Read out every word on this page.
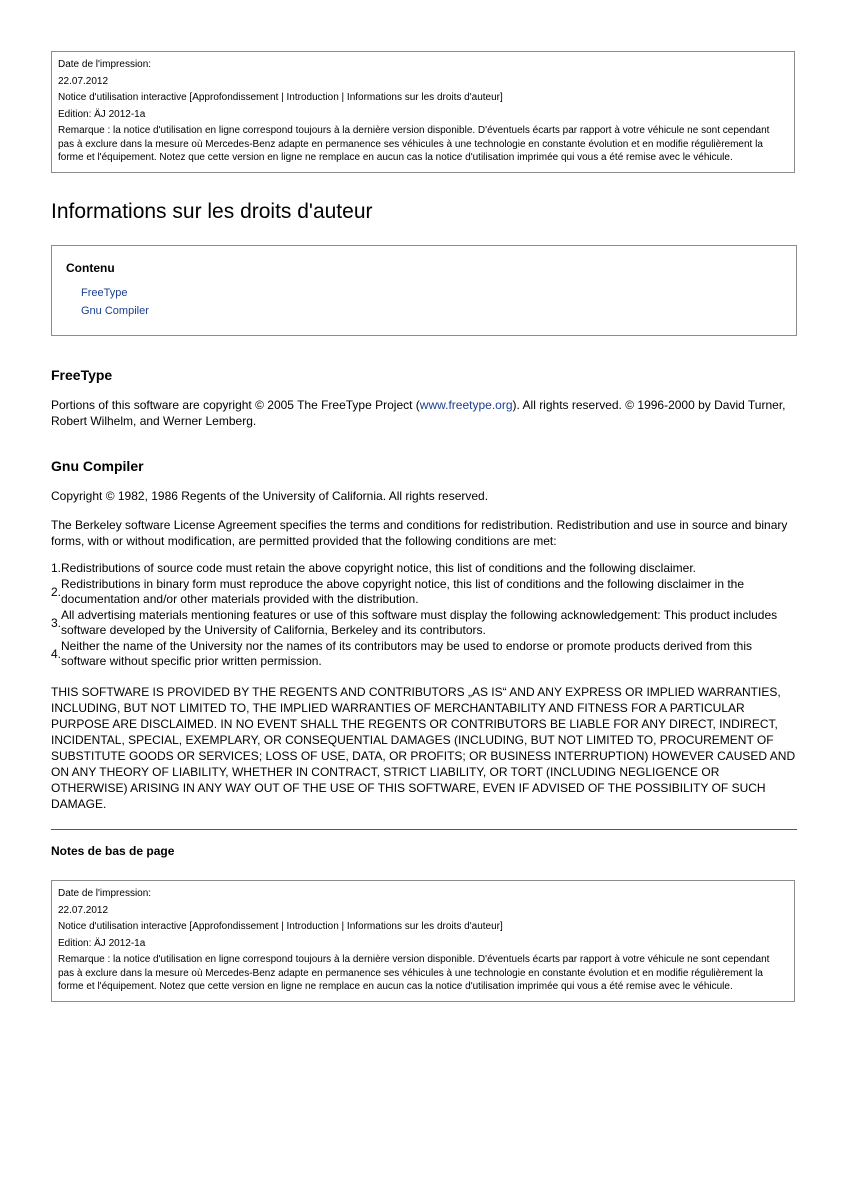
Date de l'impression:
22.07.2012
Notice d'utilisation interactive [Approfondissement | Introduction | Informations sur les droits d'auteur]
Edition: ÄJ 2012-1a
Remarque : la notice d'utilisation en ligne correspond toujours à la dernière version disponible. D'éventuels écarts par rapport à votre véhicule ne sont cependant pas à exclure dans la mesure où Mercedes-Benz adapte en permanence ses véhicules à une technologie en constante évolution et en modifie régulièrement la forme et l'équipement. Notez que cette version en ligne ne remplace en aucun cas la notice d'utilisation imprimée qui vous a été remise avec le véhicule.
Informations sur les droits d'auteur
Contenu
FreeType
Gnu Compiler
FreeType

Portions of this software are copyright © 2005 The FreeType Project (www.freetype.org). All rights reserved. © 1996-2000 by David Turner, Robert Wilhelm, and Werner Lemberg.

Gnu Compiler

Copyright © 1982, 1986 Regents of the University of California. All rights reserved.

The Berkeley software License Agreement specifies the terms and conditions for redistribution. Redistribution and use in source and binary forms, with or without modification, are permitted provided that the following conditions are met:

1.Redistributions of source code must retain the above copyright notice, this list of conditions and the following disclaimer.
2.
Redistributions in binary form must reproduce the above copyright notice, this list of conditions and the following disclaimer in the documentation and/or other materials provided with the distribution.
3.
All advertising materials mentioning features or use of this software must display the following acknowledgement: This product includes software developed by the University of California, Berkeley and its contributors.
4.
Neither the name of the University nor the names of its contributors may be used to endorse or promote products derived from this software without specific prior written permission.

THIS SOFTWARE IS PROVIDED BY THE REGENTS AND CONTRIBUTORS „AS IS“ AND ANY EXPRESS OR IMPLIED WARRANTIES, INCLUDING, BUT NOT LIMITED TO, THE IMPLIED WARRANTIES OF MERCHANTABILITY AND FITNESS FOR A PARTICULAR PURPOSE ARE DISCLAIMED. IN NO EVENT SHALL THE REGENTS OR CONTRIBUTORS BE LIABLE FOR ANY DIRECT, INDIRECT, INCIDENTAL, SPECIAL, EXEMPLARY, OR CONSEQUENTIAL DAMAGES (INCLUDING, BUT NOT LIMITED TO, PROCUREMENT OF SUBSTITUTE GOODS OR SERVICES; LOSS OF USE, DATA, OR PROFITS; OR BUSINESS INTERRUPTION) HOWEVER CAUSED AND ON ANY THEORY OF LIABILITY, WHETHER IN CONTRACT, STRICT LIABILITY, OR TORT (INCLUDING NEGLIGENCE OR OTHERWISE) ARISING IN ANY WAY OUT OF THE USE OF THIS SOFTWARE, EVEN IF ADVISED OF THE POSSIBILITY OF SUCH DAMAGE.

Notes de bas de page
Date de l'impression:
22.07.2012
Notice d'utilisation interactive [Approfondissement | Introduction | Informations sur les droits d'auteur]
Edition: ÄJ 2012-1a
Remarque : la notice d'utilisation en ligne correspond toujours à la dernière version disponible. D'éventuels écarts par rapport à votre véhicule ne sont cependant pas à exclure dans la mesure où Mercedes-Benz adapte en permanence ses véhicules à une technologie en constante évolution et en modifie régulièrement la forme et l'équipement. Notez que cette version en ligne ne remplace en aucun cas la notice d'utilisation imprimée qui vous a été remise avec le véhicule.
